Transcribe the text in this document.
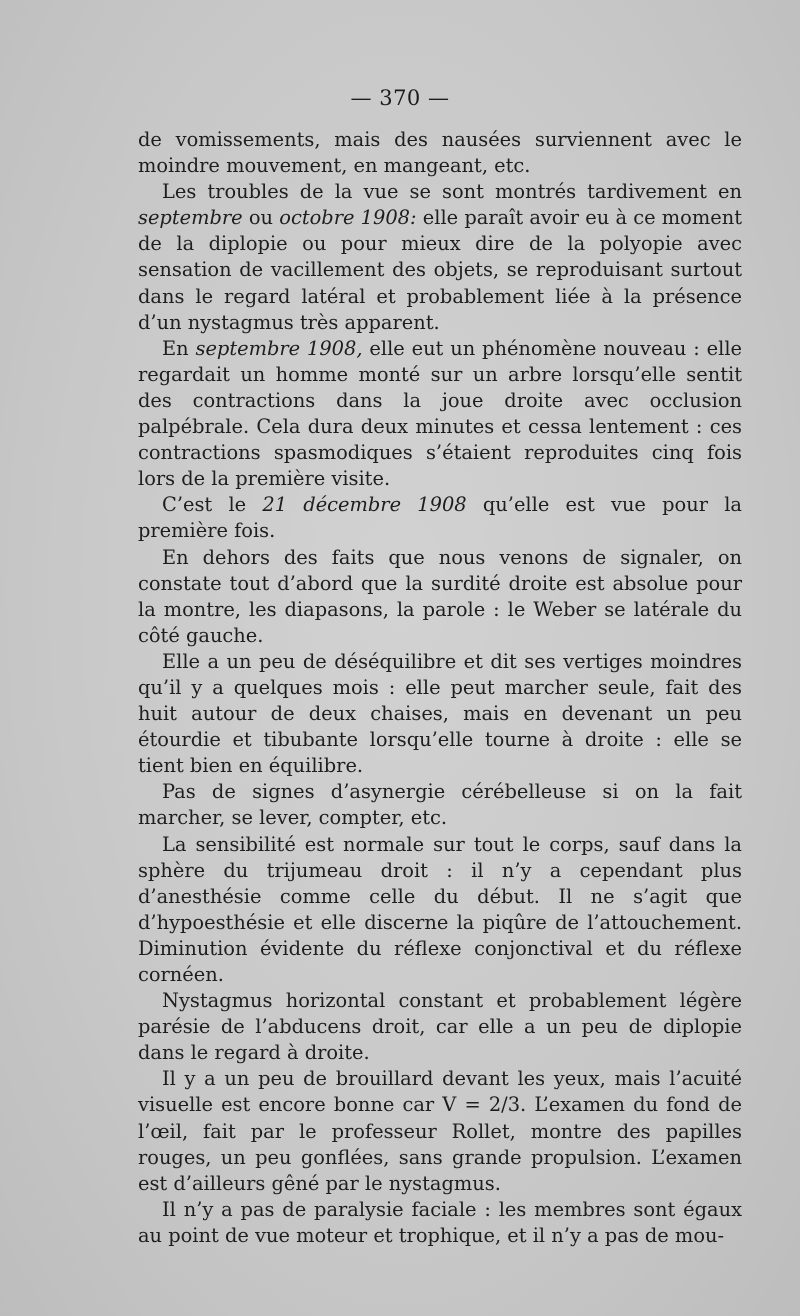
— 370 —

de vomissements, mais des nausées surviennent avec le moindre mouvement, en mangeant, etc.

Les troubles de la vue se sont montrés tardivement en septembre ou octobre 1908: elle paraît avoir eu à ce moment de la diplopie ou pour mieux dire de la polyopie avec sensation de vacillement des objets, se reproduisant surtout dans le regard latéral et probablement liée à la présence d’un nystagmus très apparent.

En septembre 1908, elle eut un phénomène nouveau : elle regardait un homme monté sur un arbre lorsqu’elle sentit des contractions dans la joue droite avec occlusion palpébrale. Cela dura deux minutes et cessa lentement : ces contractions spasmodiques s’étaient reproduites cinq fois lors de la première visite.

C’est le 21 décembre 1908 qu’elle est vue pour la première fois.

En dehors des faits que nous venons de signaler, on constate tout d’abord que la surdité droite est absolue pour la montre, les diapasons, la parole : le Weber se latérale du côté gauche.

Elle a un peu de déséquilibre et dit ses vertiges moindres qu’il y a quelques mois : elle peut marcher seule, fait des huit autour de deux chaises, mais en devenant un peu étourdie et tibubante lorsqu’elle tourne à droite : elle se tient bien en équilibre.

Pas de signes d’asynergie cérébelleuse si on la fait marcher, se lever, compter, etc.

La sensibilité est normale sur tout le corps, sauf dans la sphère du trijumeau droit : il n’y a cependant plus d’anesthésie comme celle du début. Il ne s’agit que d’hypoesthésie et elle discerne la piqûre de l’attouchement. Diminution évidente du réflexe conjonctival et du réflexe cornéen.

Nystagmus horizontal constant et probablement légère parésie de l’abducens droit, car elle a un peu de diplopie dans le regard à droite.

Il y a un peu de brouillard devant les yeux, mais l’acuité visuelle est encore bonne car V = 2/3. L’examen du fond de l’œil, fait par le professeur Rollet, montre des papilles rouges, un peu gonflées, sans grande propulsion. L’examen est d’ailleurs gêné par le nystagmus.

Il n’y a pas de paralysie faciale : les membres sont égaux au point de vue moteur et trophique, et il n’y a pas de mou-
